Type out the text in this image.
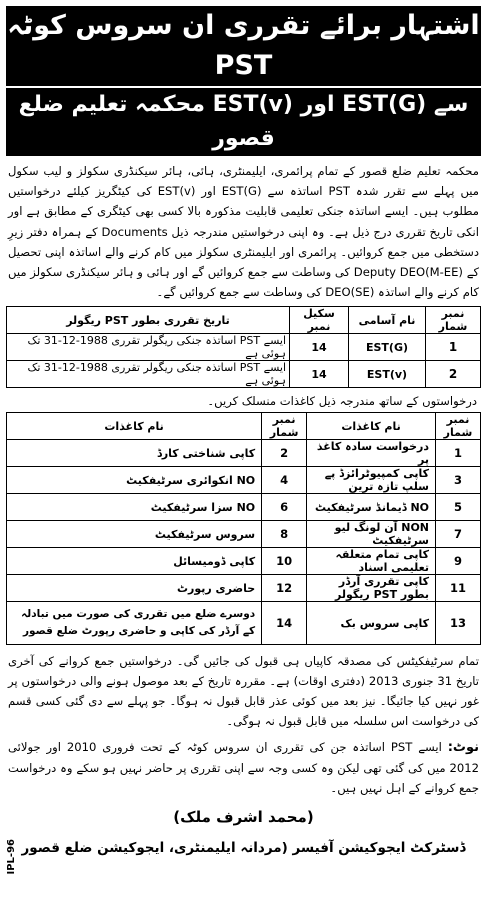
اشتہار برائے تقرری ان سروس کوٹہ PST
سے EST(G) اور EST(v) محکمہ تعلیم ضلع قصور
محکمہ تعلیم ضلع قصور کے تمام پرائمری، ایلیمنٹری، ہائی، ہائر سیکنڈری سکولز و لیب سکول میں پہلے سے تقرر شدہ PST اساتذہ سے EST(G) اور EST(v) کی کیٹگریز کیلئے درخواستیں مطلوب ہیں۔ ایسے اساتذہ جنکی تعلیمی قابلیت مذکورہ بالا کسی بھی کیٹگری کے مطابق ہے اور انکی تاریخ تقرری درج ذیل ہے۔ وہ اپنی درخواستیں مندرجہ ذیل Documents کے ہمراہ دفتر زیرِ دستخطی میں جمع کروائیں۔ پرائمری اور ایلیمنٹری سکولز میں کام کرنے والے اساتذہ اپنی تحصیل کے Deputy DEO(M-EE) کی وساطت سے جمع کروائیں گے اور ہائی و ہائر سیکنڈری سکولز میں کام کرنے والے اساتذہ DEO(SE) کی وساطت سے جمع کروائیں گے۔
نمبر شمار	نام آسامی	سکیل نمبر	تاریخ تقرری بطور PST ریگولر
1	EST(G)	14	ایسے PST اساتذہ جنکی ریگولر تقرری 1988-12-31 تک ہوئی ہے
2	EST(v)	14	ایسے PST اساتذہ جنکی ریگولر تقرری 1988-12-31 تک ہوئی ہے
درخواستوں کے ساتھ مندرجہ ذیل کاغذات منسلک کریں۔
نمبر شمار	نام کاغذات	نمبر شمار	نام کاغذات
1	درخواست سادہ کاغذ پر	2	کاپی شناختی کارڈ
3	کاپی کمپیوٹرائزڈ پے سلپ تازہ ترین	4	NO انکوائری سرٹیفکیٹ
5	NO ڈیمانڈ سرٹیفکیٹ	6	NO سزا سرٹیفکیٹ
7	NON آن لونگ لیو سرٹیفکیٹ	8	سروس سرٹیفکیٹ
9	کاپی تمام متعلقہ تعلیمی اسناد	10	کاپی ڈومیسائل
11	کاپی تقرری آرڈر بطور PST ریگولر	12	حاضری رپورٹ
13	کاپی سروس بک	14	دوسرے ضلع میں تقرری کی صورت میں تبادلہ کے آرڈر کی کاپی و حاضری رپورٹ ضلع قصور
تمام سرٹیفکیٹس کی مصدقہ کاپیاں ہی قبول کی جائیں گی۔ درخواستیں جمع کروانے کی آخری تاریخ 31 جنوری 2013 (دفتری اوقات) ہے۔ مقررہ تاریخ کے بعد موصول ہونے والی درخواستوں پر غور نہیں کیا جائیگا۔ نیز بعد میں کوئی عذر قابل قبول نہ ہوگا۔ جو پہلے سے دی گئی کسی قسم کی درخواست اس سلسلہ میں قابل قبول نہ ہوگی۔
نوٹ: ایسے PST اساتذہ جن کی تقرری ان سروس کوٹہ کے تحت فروری 2010 اور جولائی 2012 میں کی گئی تھی لیکن وہ کسی وجہ سے اپنی تقرری پر حاضر نہیں ہو سکے وہ درخواست جمع کروانے کے اہل نہیں ہیں۔
(محمد اشرف ملک)
ڈسٹرکٹ ایجوکیشن آفیسر (مردانہ ایلیمنٹری، ایجوکیشن ضلع قصور
IPL-96
